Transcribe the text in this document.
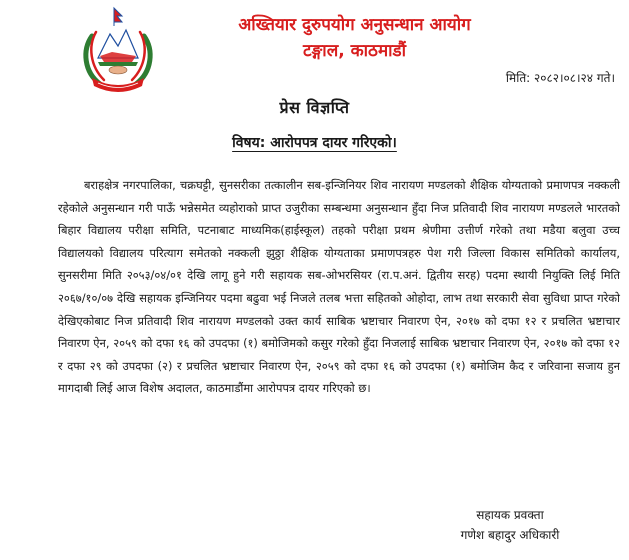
अख्तियार दुरुपयोग अनुसन्धान आयोग
टङ्गाल, काठमाडौं
मिति: २०८२।०८।२४ गते।
प्रेस विज्ञप्ति
विषय: आरोपपत्र दायर गरिएको।

बराहक्षेत्र नगरपालिका, चक्रघट्टी, सुनसरीका तत्कालीन सब-इन्जिनियर शिव नारायण मण्डलको शैक्षिक योग्यताको प्रमाणपत्र नक्कली रहेकोले अनुसन्धान गरी पाऊँ भन्नेसमेत व्यहोराको प्राप्त उजुरीका सम्बन्धमा अनुसन्धान हुँदा निज प्रतिवादी शिव नारायण मण्डलले भारतको बिहार विद्यालय परीक्षा समिति, पटनाबाट माध्यमिक(हाईस्कूल) तहको परीक्षा प्रथम श्रेणीमा उत्तीर्ण गरेको तथा मडैया बलुवा उच्च विद्यालयको विद्यालय परित्याग समेतको नक्कली झुठ्ठा शैक्षिक योग्यताका प्रमाणपत्रहरु पेश गरी जिल्ला विकास समितिको कार्यालय, सुनसरीमा मिति २०५३/०४/०१ देखि लागू हुने गरी सहायक सब-ओभरसियर (रा.प.अनं. द्वितीय सरह) पदमा स्थायी नियुक्ति लिई मिति २०६७/१०/०७ देखि सहायक इन्जिनियर पदमा बढुवा भई निजले तलब भत्ता सहितको ओहोदा, लाभ तथा सरकारी सेवा सुविधा प्राप्त गरेको देखिएकोबाट निज प्रतिवादी शिव नारायण मण्डलको उक्त कार्य साबिक भ्रष्टाचार निवारण ऐन, २०१७ को दफा १२ र प्रचलित भ्रष्टाचार निवारण ऐन, २०५९ को दफा १६ को उपदफा (१) बमोजिमको कसुर गरेको हुँदा निजलाई साबिक भ्रष्टाचार निवारण ऐन, २०१७ को दफा १२ र दफा २९ को उपदफा (२) र प्रचलित भ्रष्टाचार निवारण ऐन, २०५९ को दफा १६ को उपदफा (१) बमोजिम कैद र जरिवाना सजाय हुन मागदाबी लिई आज विशेष अदालत, काठमाडौंमा आरोपपत्र दायर गरिएको छ।

सहायक प्रवक्ता
गणेश बहादुर अधिकारी
